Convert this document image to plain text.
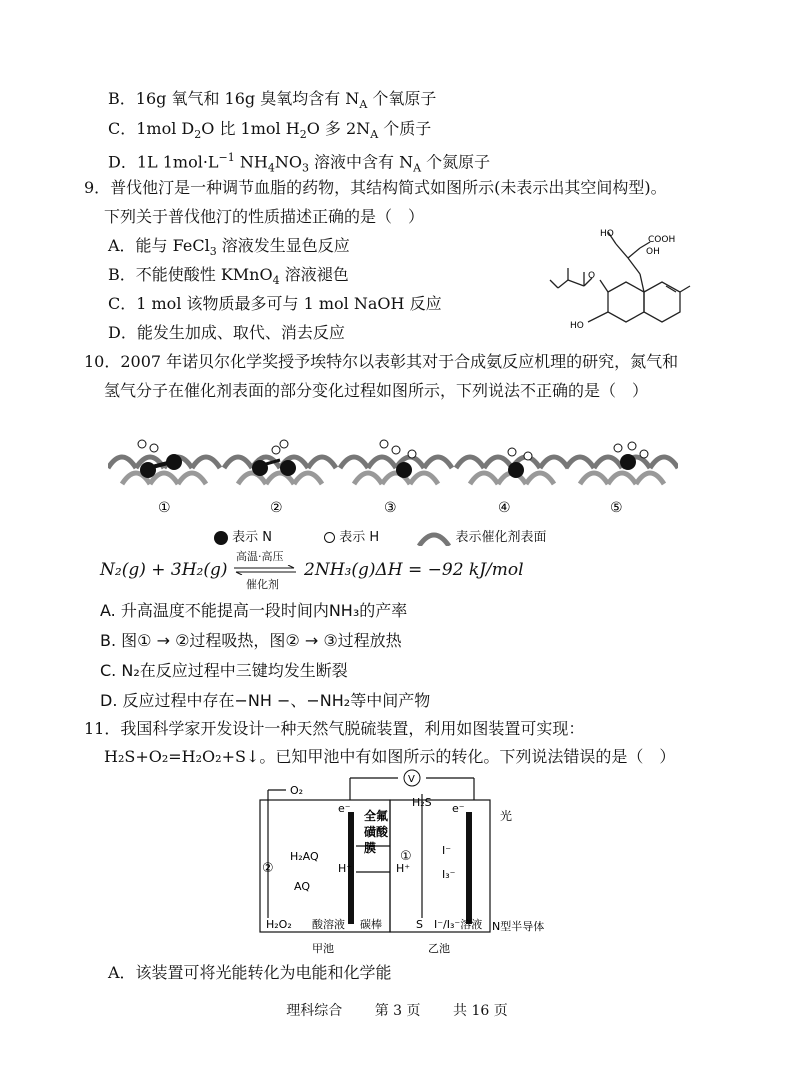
B．16g 氧气和 16g 臭氧均含有 $N_A$ 个氧原子
C．1mol $D_2O$ 比 1mol $H_2O$ 多 $2N_A$ 个质子
D．1L $1mol\cdot L^{-1}$ $NH_4NO_3$ 溶液中含有 $N_A$ 个氮原子
9．普伐他汀是一种调节血脂的药物，其结构简式如图所示(未表示出其空间构型)。
下列关于普伐他汀的性质描述正确的是（　）
A．能与 FeCl$_3$ 溶液发生显色反应
B．不能使酸性 KMnO$_4$ 溶液褪色
C．1 mol 该物质最多可与 1 mol NaOH 反应
D．能发生加成、取代、消去反应
HO
COOH
OH
O
HO
10．2007 年诺贝尔化学奖授予埃特尔以表彰其对于合成氨反应机理的研究，氮气和
氢气分子在催化剂表面的部分变化过程如图所示，下列说法不正确的是（　）
①	②	③	④	⑤
表示 N	表示 H	表示催化剂表面
N₂(g) + 3H₂(g)
高温·高压
催化剂
2NH₃(g)ΔH = −92 kJ/mol
A. 升高温度不能提高一段时间内NH₃的产率
B. 图① → ②过程吸热，图② → ③过程放热
C. N₂在反应过程中三键均发生断裂
D. 反应过程中存在−NH −、−NH₂等中间产物
11．我国科学家开发设计一种天然气脱硫装置，利用如图装置可实现：
H₂S+O₂=H₂O₂+S↓。已知甲池中有如图所示的转化。下列说法错误的是（　）
V
O₂
e⁻	e⁻
H₂S
光
全氟
磺酸
膜
②
①
H₂AQ
AQ
H⁺	H⁺
I⁻
I₃⁻
H₂O₂ 酸溶液 碳棒	S I⁻/I₃⁻溶液 N型半导体
甲池	乙池
A．该装置可将光能转化为电能和化学能
理科综合 第 3 页 共 16 页
